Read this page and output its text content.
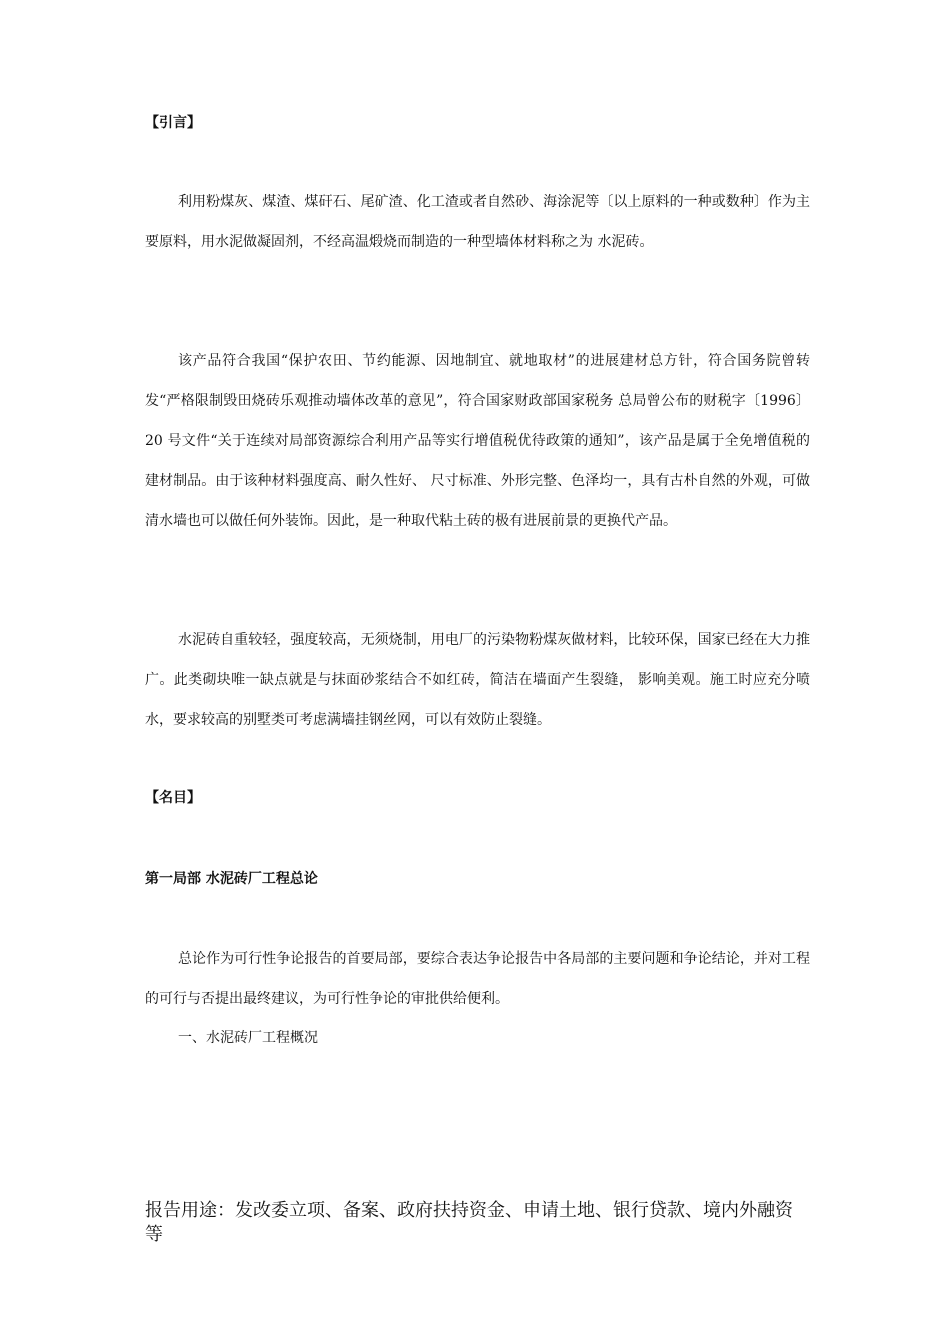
【引言】

利用粉煤灰、煤渣、煤矸石、尾矿渣、化工渣或者自然砂、海涂泥等〔以上原料的一种或数种〕作为主要原料，用水泥做凝固剂，不经高温煅烧而制造的一种型墙体材料称之为 水泥砖。

该产品符合我国“保护农田、节约能源、因地制宜、就地取材”的进展建材总方针，符合国务院曾转发“严格限制毁田烧砖乐观推动墙体改革的意见”，符合国家财政部国家税务 总局曾公布的财税字〔1996〕20 号文件“关于连续对局部资源综合利用产品等实行增值税优待政策的通知”，该产品是属于全免增值税的建材制品。由于该种材料强度高、耐久性好、 尺寸标准、外形完整、色泽均一，具有古朴自然的外观，可做清水墙也可以做任何外装饰。因此，是一种取代粘土砖的极有进展前景的更换代产品。

水泥砖自重较轻，强度较高，无须烧制，用电厂的污染物粉煤灰做材料，比较环保，国家已经在大力推广。此类砌块唯一缺点就是与抹面砂浆结合不如红砖，简洁在墙面产生裂缝， 影响美观。施工时应充分喷水，要求较高的别墅类可考虑满墙挂钢丝网，可以有效防止裂缝。

【名目】
第一局部 水泥砖厂工程总论

总论作为可行性争论报告的首要局部，要综合表达争论报告中各局部的主要问题和争论结论，并对工程的可行与否提出最终建议，为可行性争论的审批供给便利。

一、水泥砖厂工程概况
报告用途：发改委立项、备案、政府扶持资金、申请土地、银行贷款、境内外融资等
